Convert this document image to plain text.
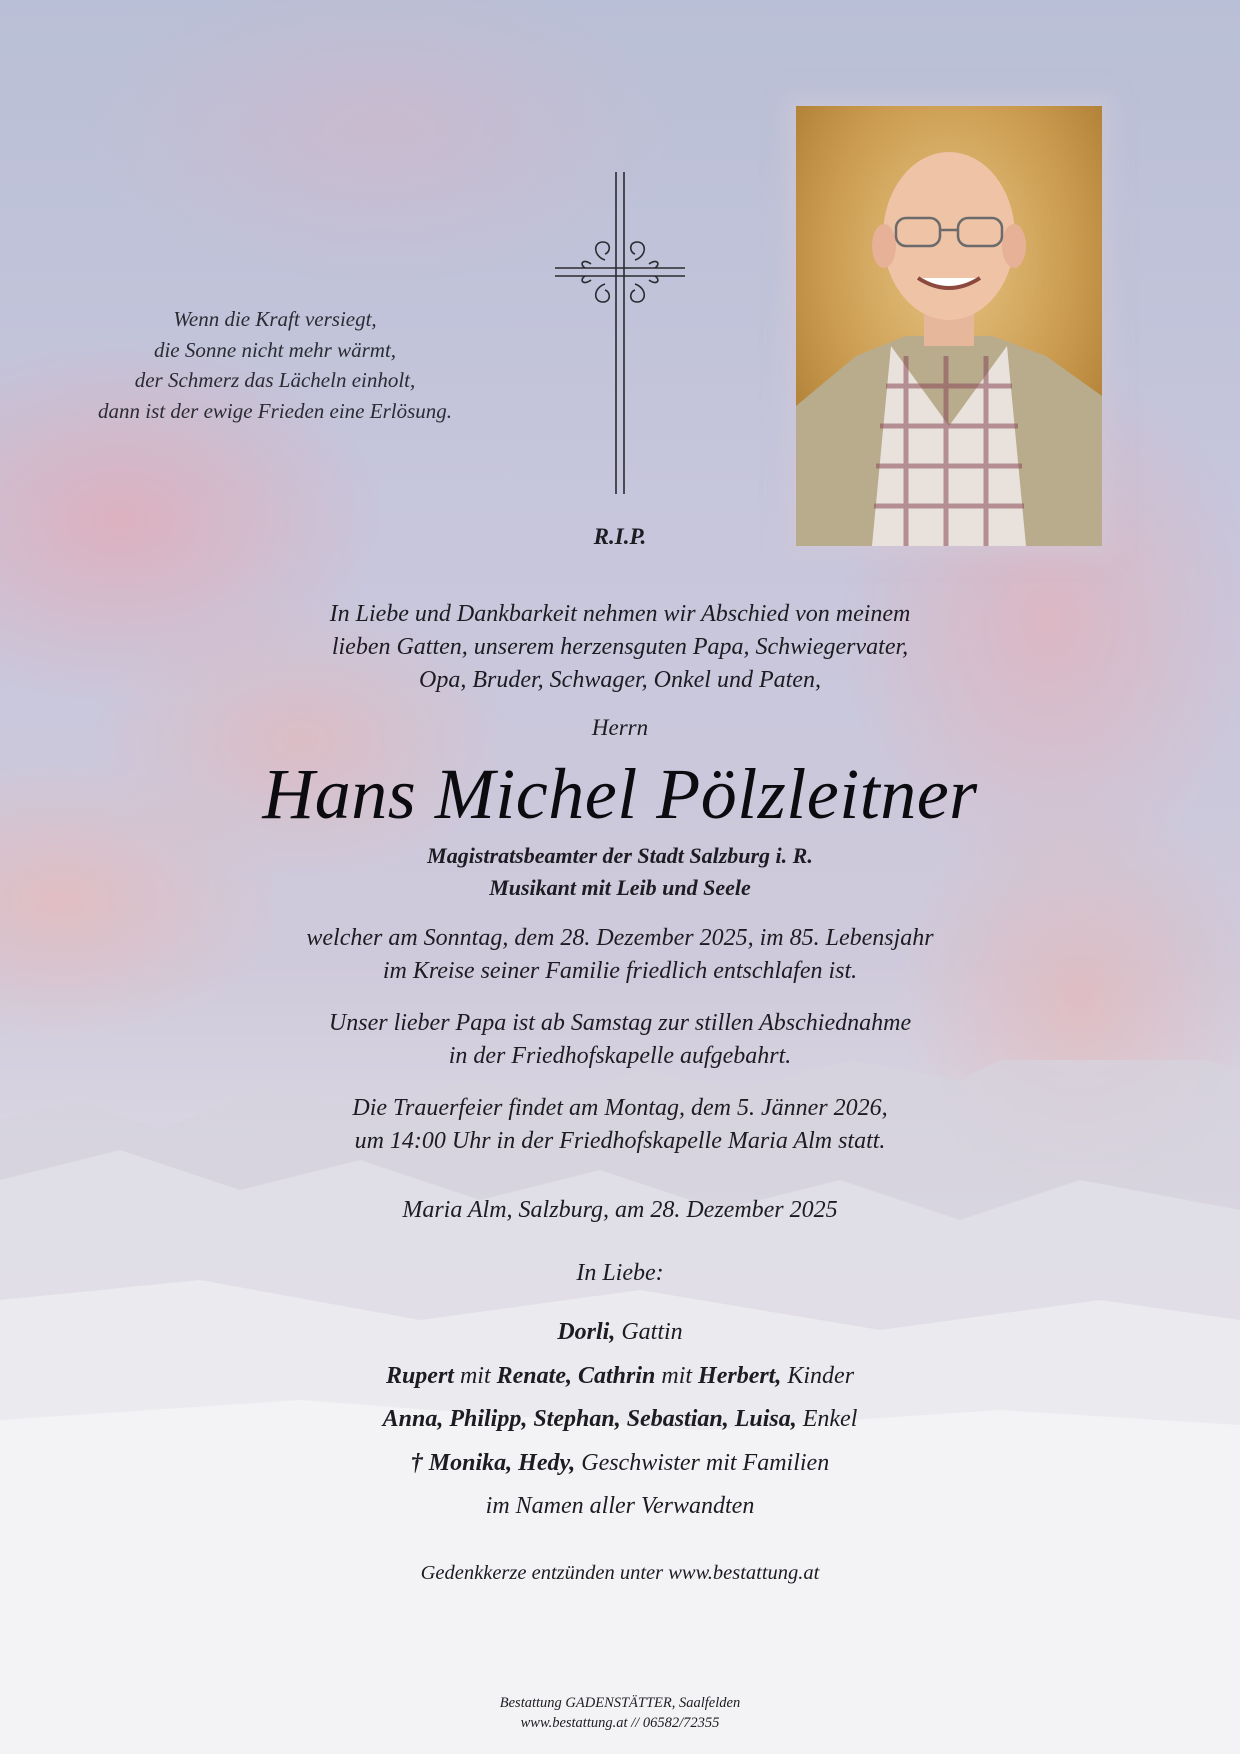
Wenn die Kraft versiegt,
die Sonne nicht mehr wärmt,
der Schmerz das Lächeln einholt,
dann ist der ewige Frieden eine Erlösung.
R.I.P.
In Liebe und Dankbarkeit nehmen wir Abschied von meinem
lieben Gatten, unserem herzensguten Papa, Schwiegervater,
Opa, Bruder, Schwager, Onkel und Paten,
Herrn
Hans Michel Pölzleitner
Magistratsbeamter der Stadt Salzburg i. R.
Musikant mit Leib und Seele
welcher am Sonntag, dem 28. Dezember 2025, im 85. Lebensjahr
im Kreise seiner Familie friedlich entschlafen ist.
Unser lieber Papa ist ab Samstag zur stillen Abschiednahme
in der Friedhofskapelle aufgebahrt.
Die Trauerfeier findet am Montag, dem 5. Jänner 2026,
um 14:00 Uhr in der Friedhofskapelle Maria Alm statt.
Maria Alm, Salzburg, am 28. Dezember 2025
In Liebe:
Dorli, Gattin
Rupert mit Renate, Cathrin mit Herbert, Kinder
Anna, Philipp, Stephan, Sebastian, Luisa, Enkel
† Monika, Hedy, Geschwister mit Familien
im Namen aller Verwandten
Gedenkkerze entzünden unter www.bestattung.at
Bestattung GADENSTÄTTER, Saalfelden
www.bestattung.at // 06582/72355
